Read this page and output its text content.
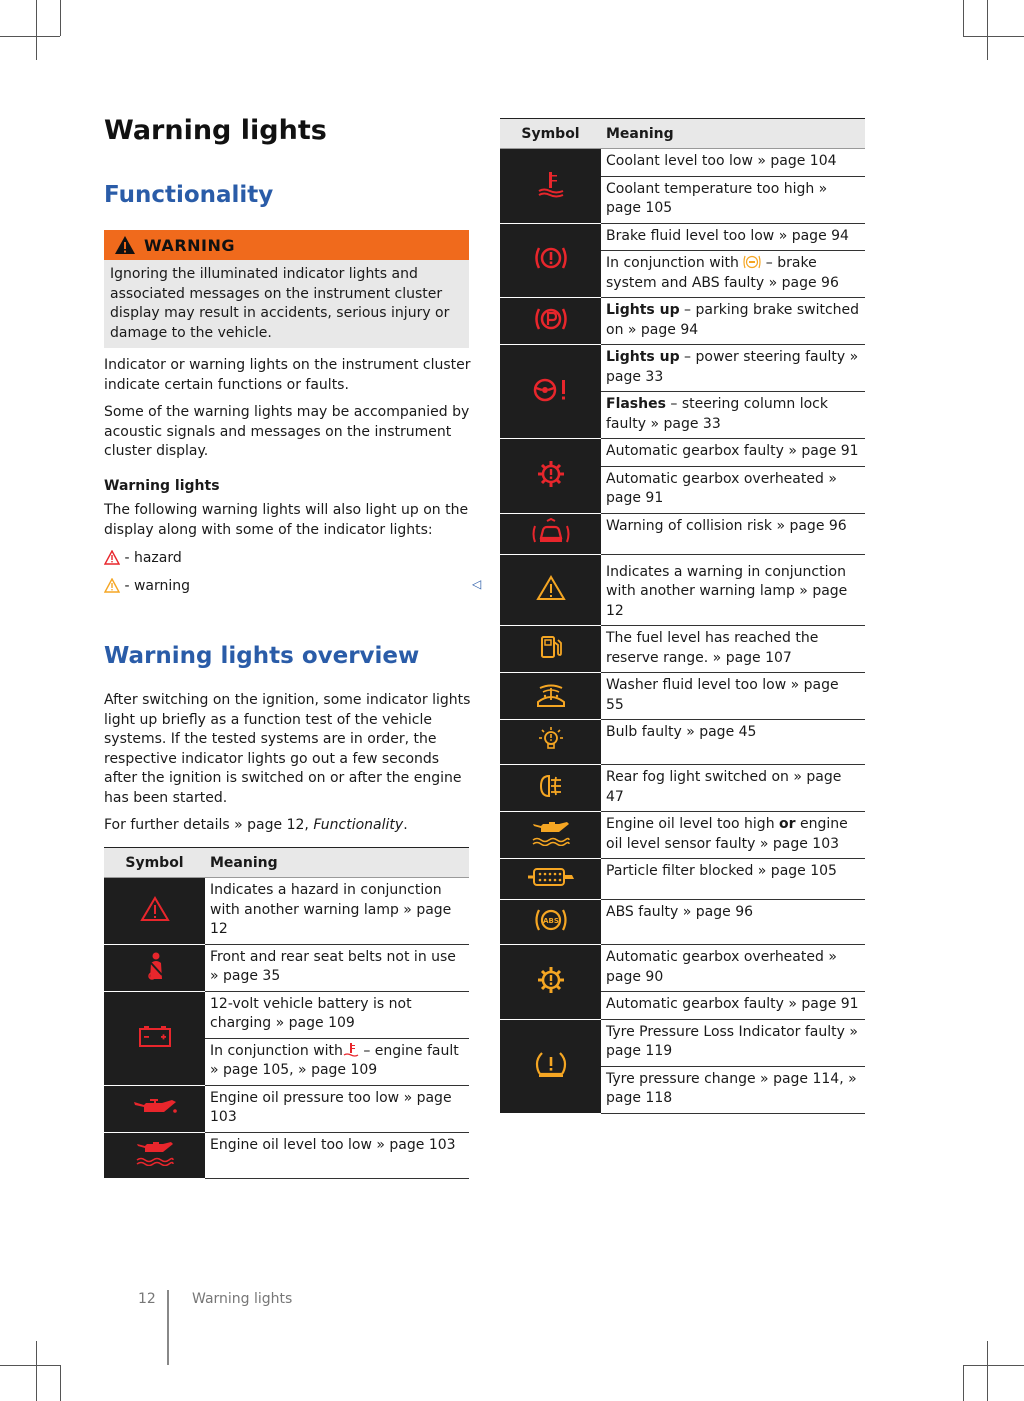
Warning lights
Functionality
WARNING
Ignoring the illuminated indicator lights and associated messages on the instrument cluster display may result in accidents, serious injury or damage to the vehicle.

Indicator or warning lights on the instrument cluster indicate certain functions or faults.

Some of the warning lights may be accompanied by acoustic signals and messages on the instrument cluster display.

Warning lights

The following warning lights will also light up on the display along with some of the indicator lights:

- hazard
- warning	◁
Warning lights overview

After switching on the ignition, some indicator lights light up briefly as a function test of the vehicle systems. If the tested systems are in order, the respective indicator lights go out a few seconds after the ignition is switched on or after the engine has been started.

For further details » page 12, Functionality.

Symbol	Meaning
	Indicates a hazard in conjunction with another warning lamp » page 12
	Front and rear seat belts not in use » page 35
	12-volt vehicle battery is not charging » page 109
	In conjunction with – engine fault » page 105, » page 109
	Engine oil pressure too low » page 103
	Engine oil level too low » page 103
Symbol	Meaning
	Coolant level too low » page 104
	Coolant temperature too high » page 105
	Brake fluid level too low » page 94
	In conjunction with  – brake system and ABS faulty » page 96
	Lights up – parking brake switched on » page 94
	Lights up – power steering faulty » page 33
	Flashes – steering column lock faulty » page 33
	Automatic gearbox faulty » page 91
	Automatic gearbox overheated » page 91
	Warning of collision risk » page 96
	Indicates a warning in conjunction with another warning lamp » page 12
	The fuel level has reached the reserve range. » page 107
	Washer fluid level too low » page 55
	Bulb faulty » page 45
	Rear fog light switched on » page 47
	Engine oil level too high or engine oil level sensor faulty » page 103
	Particle filter blocked » page 105

ABS	ABS faulty » page 96
	Automatic gearbox overheated » page 90
	Automatic gearbox faulty » page 91
	Tyre Pressure Loss Indicator faulty » page 119
	Tyre pressure change » page 114, » page 118
12	Warning lights
